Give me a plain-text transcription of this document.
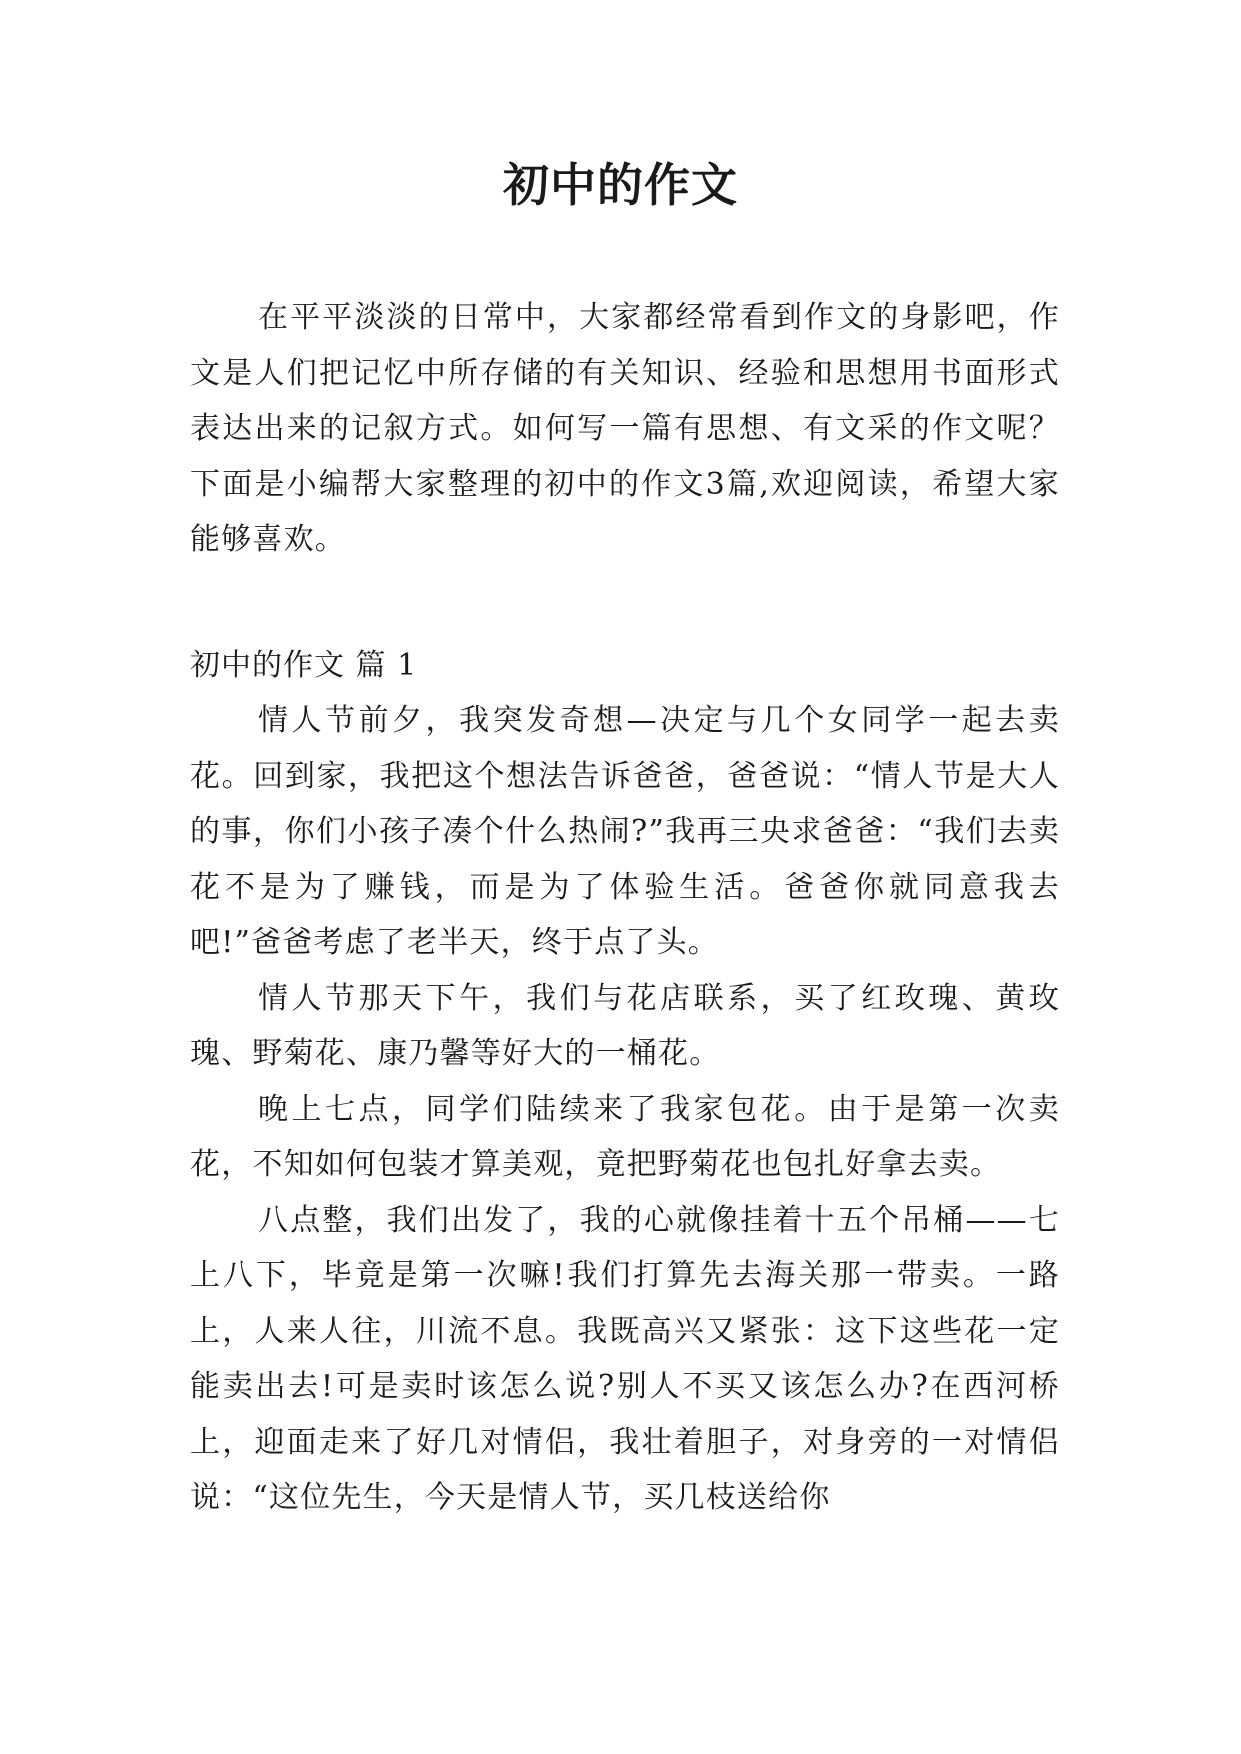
初中的作文

在平平淡淡的日常中，大家都经常看到作文的身影吧，作文是人们把记忆中所存储的有关知识、经验和思想用书面形式表达出来的记叙方式。如何写一篇有思想、有文采的作文呢？下面是小编帮大家整理的初中的作文3篇,欢迎阅读，希望大家能够喜欢。

初中的作文 篇 1

情人节前夕，我突发奇想—决定与几个女同学一起去卖花。回到家，我把这个想法告诉爸爸，爸爸说：“情人节是大人的事，你们小孩子凑个什么热闹?”我再三央求爸爸：“我们去卖花不是为了赚钱，而是为了体验生活。爸爸你就同意我去吧!”爸爸考虑了老半天，终于点了头。

情人节那天下午，我们与花店联系，买了红玫瑰、黄玫瑰、野菊花、康乃馨等好大的一桶花。

晚上七点，同学们陆续来了我家包花。由于是第一次卖花，不知如何包装才算美观，竟把野菊花也包扎好拿去卖。

八点整，我们出发了，我的心就像挂着十五个吊桶——七上八下，毕竟是第一次嘛!我们打算先去海关那一带卖。一路上，人来人往，川流不息。我既高兴又紧张：这下这些花一定能卖出去!可是卖时该怎么说?别人不买又该怎么办?在西河桥上，迎面走来了好几对情侣，我壮着胆子，对身旁的一对情侣说：“这位先生，今天是情人节，买几枝送给你
